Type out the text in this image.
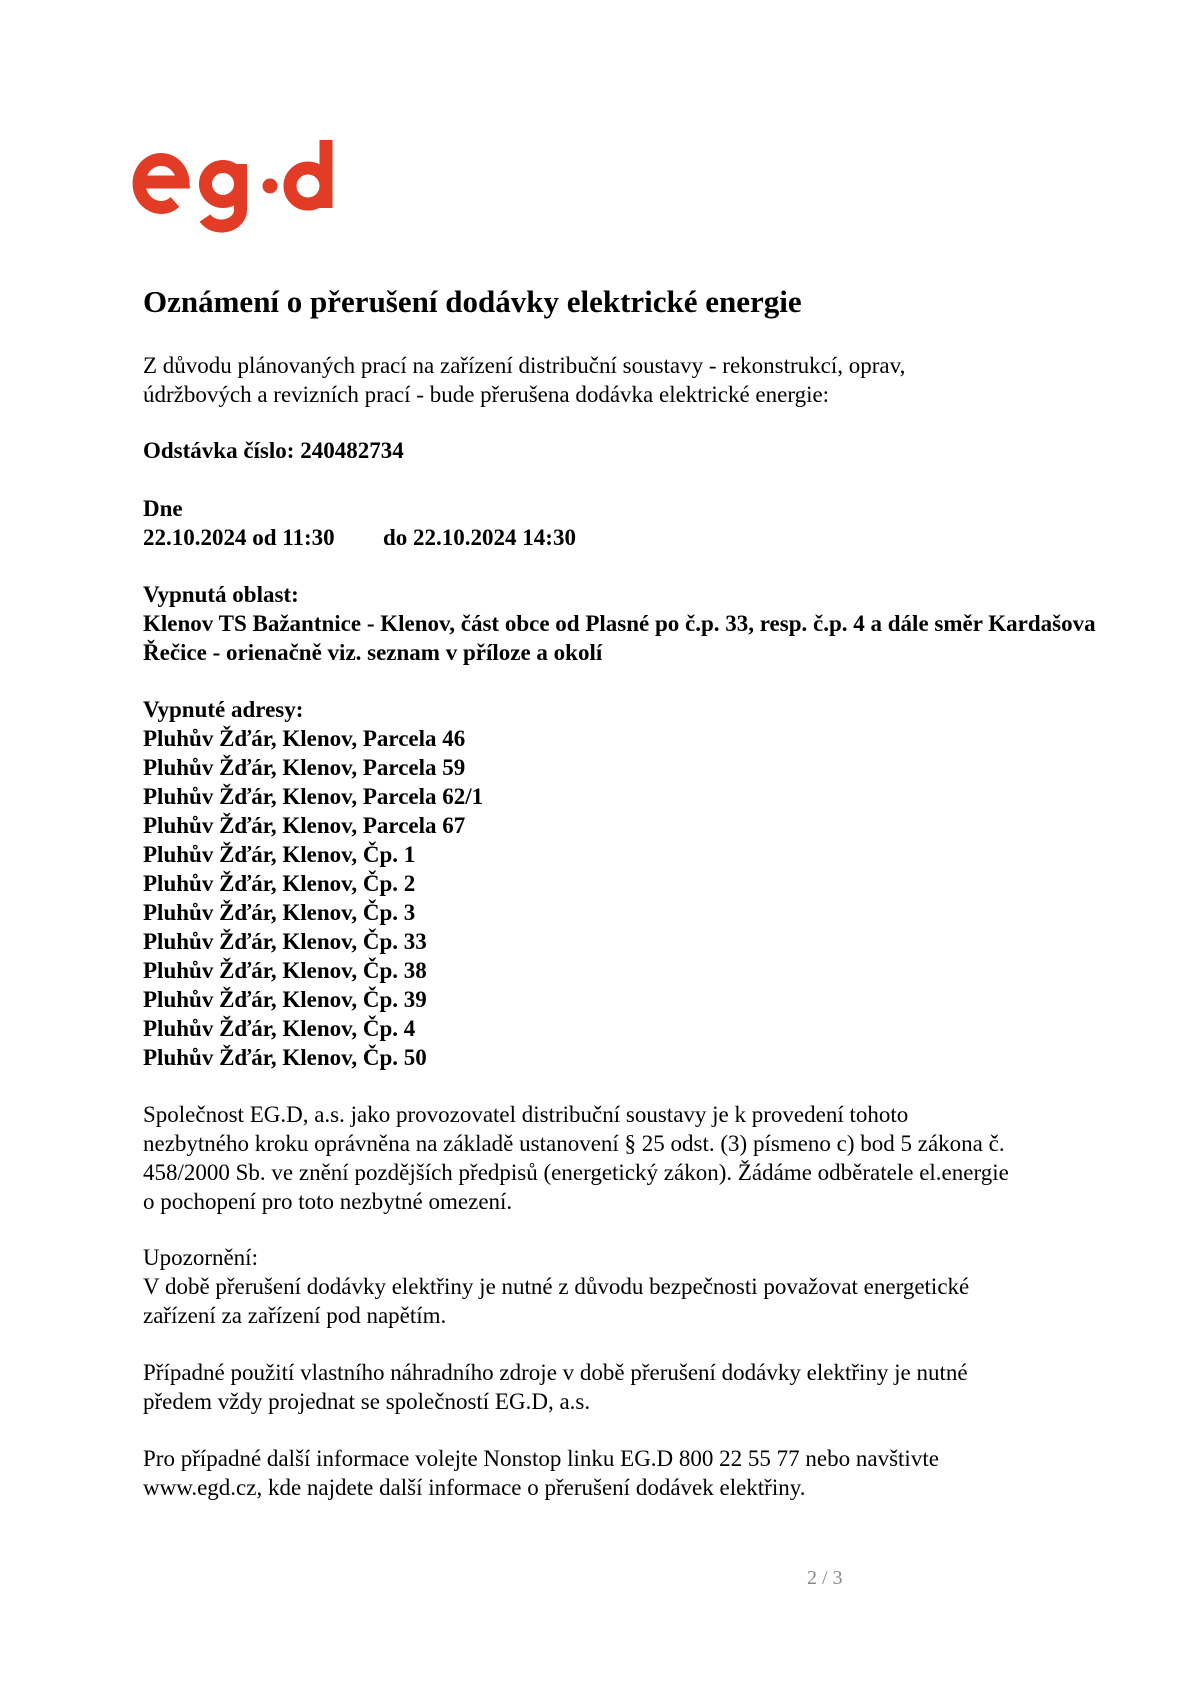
Oznámení o přerušení dodávky elektrické energie
Z důvodu plánovaných prací na zařízení distribuční soustavy - rekonstrukcí, oprav,
údržbových a revizních prací - bude přerušena dodávka elektrické energie:
Odstávka číslo: 240482734
Dne
22.10.2024 od 11:30 do 22.10.2024 14:30
Vypnutá oblast:
Klenov TS Bažantnice - Klenov, část obce od Plasné po č.p. 33, resp. č.p. 4 a dále směr Kardašova
Řečice - orienačně viz. seznam v příloze a okolí
Vypnuté adresy:
Pluhův Žďár, Klenov, Parcela 46
Pluhův Žďár, Klenov, Parcela 59
Pluhův Žďár, Klenov, Parcela 62/1
Pluhův Žďár, Klenov, Parcela 67
Pluhův Žďár, Klenov, Čp. 1
Pluhův Žďár, Klenov, Čp. 2
Pluhův Žďár, Klenov, Čp. 3
Pluhův Žďár, Klenov, Čp. 33
Pluhův Žďár, Klenov, Čp. 38
Pluhův Žďár, Klenov, Čp. 39
Pluhův Žďár, Klenov, Čp. 4
Pluhův Žďár, Klenov, Čp. 50
Společnost EG.D, a.s. jako provozovatel distribuční soustavy je k provedení tohoto
nezbytného kroku oprávněna na základě ustanovení § 25 odst. (3) písmeno c) bod 5 zákona č.
458/2000 Sb. ve znění pozdějších předpisů (energetický zákon). Žádáme odběratele el.energie
o pochopení pro toto nezbytné omezení.
Upozornění:
V době přerušení dodávky elektřiny je nutné z důvodu bezpečnosti považovat energetické
zařízení za zařízení pod napětím.
Případné použití vlastního náhradního zdroje v době přerušení dodávky elektřiny je nutné
předem vždy projednat se společností EG.D, a.s.
Pro případné další informace volejte Nonstop linku EG.D 800 22 55 77 nebo navštivte
www.egd.cz, kde najdete další informace o přerušení dodávek elektřiny.
2 / 3
